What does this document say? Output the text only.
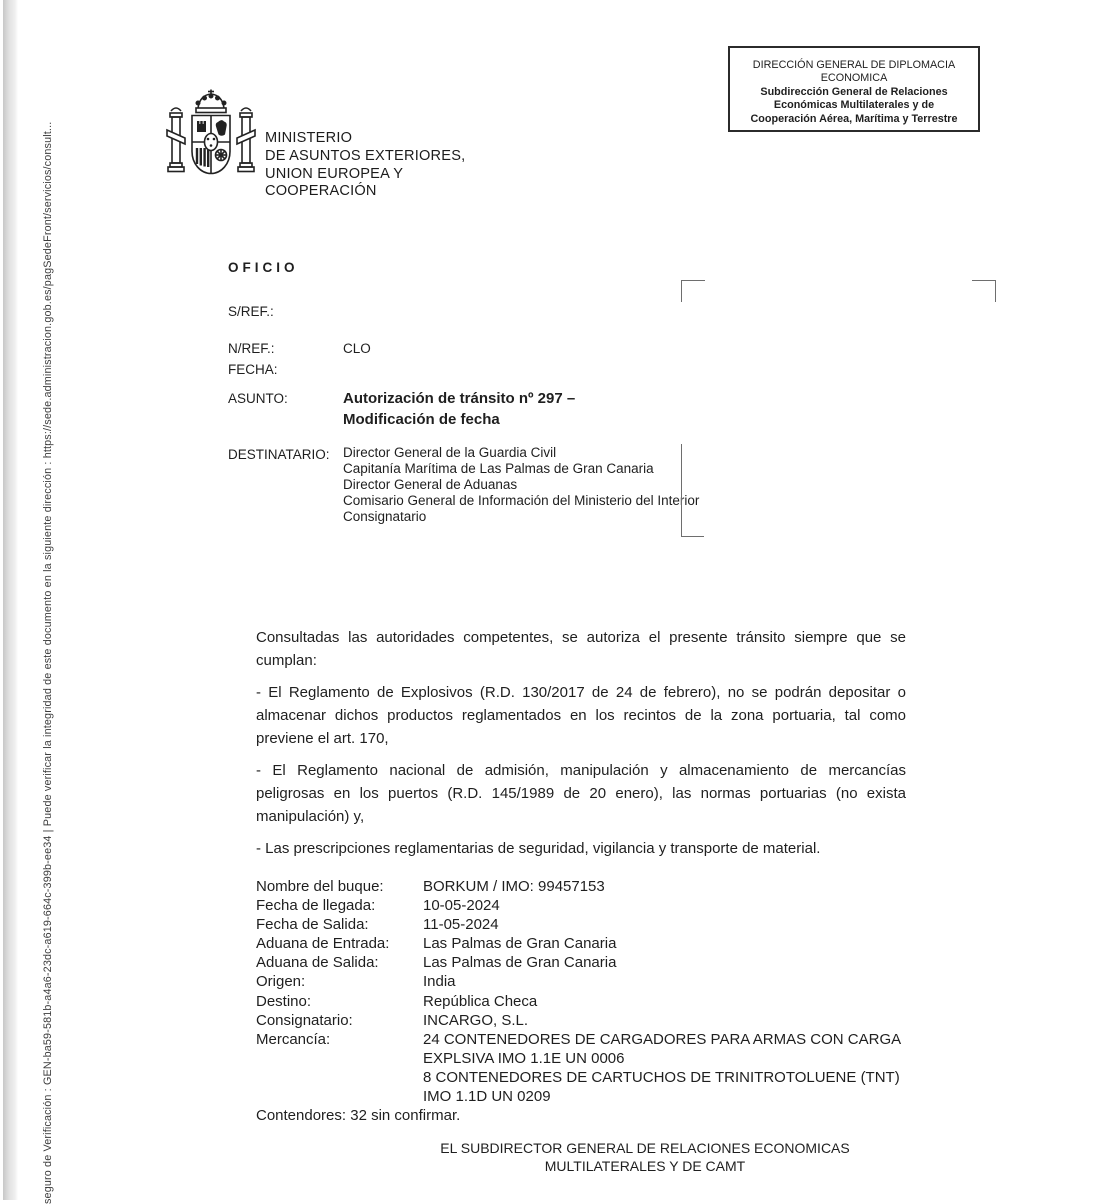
seguro de Verificación : GEN-ba59-581b-a4a6-23dc-a619-664c-399b-ee34 | Puede verificar la integridad de este documento en la siguiente dirección : https://sede.administracion.gob.es/pagSedeFront/servicios/consult...	MINISTERIO
DE ASUNTOS EXTERIORES,
UNION EUROPEA Y
COOPERACIÓN
DIRECCIÓN GENERAL DE DIPLOMACIA
ECONOMICA
Subdirección General de Relaciones
Económicas Multilaterales y de
Cooperación Aérea, Marítima y Terrestre
OFICIO
S/REF.:
N/REF.:	CLO
FECHA:
ASUNTO:	Autorización de tránsito nº 297 –
Modificación de fecha
DESTINATARIO: Director General de la Guardia Civil
Capitanía Marítima de Las Palmas de Gran Canaria
Director General de Aduanas
Comisario General de Información del Ministerio del Interior
Consignatario

Consultadas las autoridades competentes, se autoriza el presente tránsito siempre que se cumplan:

- El Reglamento de Explosivos (R.D. 130/2017 de 24 de febrero), no se podrán depositar o almacenar dichos productos reglamentados en los recintos de la zona portuaria, tal como previene el art. 170,

- El Reglamento nacional de admisión, manipulación y almacenamiento de mercancías peligrosas en los puertos (R.D. 145/1989 de 20 enero), las normas portuarias (no exista manipulación) y,

- Las prescripciones reglamentarias de seguridad, vigilancia y transporte de material.

Nombre del buque:	BORKUM / IMO: 99457153
Fecha de llegada:	10-05-2024
Fecha de Salida:	11-05-2024
Aduana de Entrada:	Las Palmas de Gran Canaria
Aduana de Salida:	Las Palmas de Gran Canaria
Origen:	India
Destino:	República Checa
Consignatario:	INCARGO, S.L.
Mercancía:	24 CONTENEDORES DE CARGADORES PARA ARMAS CON CARGA
EXPLSIVA IMO 1.1E UN 0006
8 CONTENEDORES DE CARTUCHOS DE TRINITROTOLUENE (TNT)
IMO 1.1D UN 0209
Contendores: 32 sin confirmar.
EL SUBDIRECTOR GENERAL DE RELACIONES ECONOMICAS
MULTILATERALES Y DE CAMT
